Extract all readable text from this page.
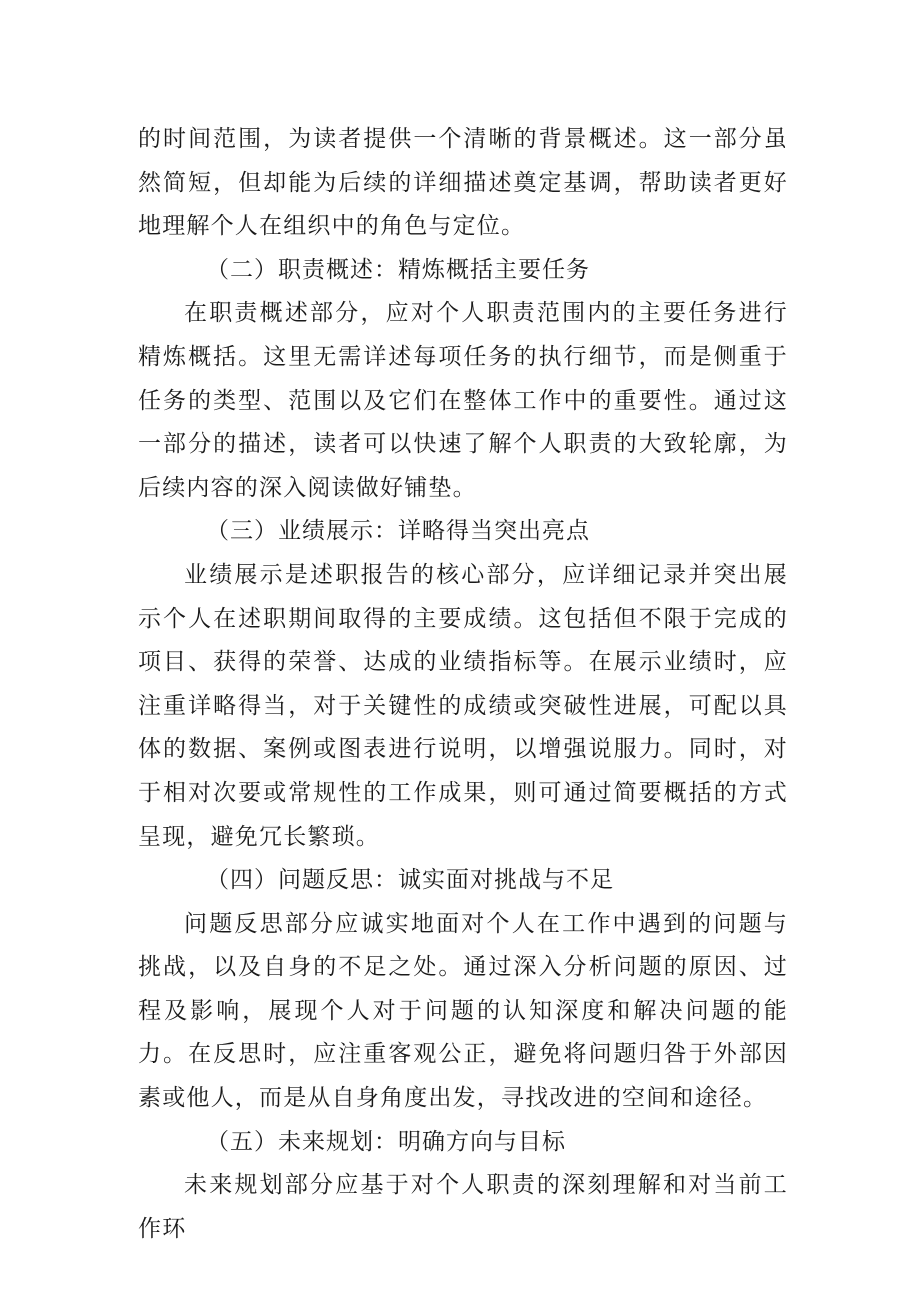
的时间范围，为读者提供一个清晰的背景概述。这一部分虽然简短，但却能为后续的详细描述奠定基调，帮助读者更好地理解个人在组织中的角色与定位。

（二）职责概述：精炼概括主要任务

在职责概述部分，应对个人职责范围内的主要任务进行精炼概括。这里无需详述每项任务的执行细节，而是侧重于任务的类型、范围以及它们在整体工作中的重要性。通过这一部分的描述，读者可以快速了解个人职责的大致轮廓，为后续内容的深入阅读做好铺垫。

（三）业绩展示：详略得当突出亮点

业绩展示是述职报告的核心部分，应详细记录并突出展示个人在述职期间取得的主要成绩。这包括但不限于完成的项目、获得的荣誉、达成的业绩指标等。在展示业绩时，应注重详略得当，对于关键性的成绩或突破性进展，可配以具体的数据、案例或图表进行说明，以增强说服力。同时，对于相对次要或常规性的工作成果，则可通过简要概括的方式呈现，避免冗长繁琐。

（四）问题反思：诚实面对挑战与不足

问题反思部分应诚实地面对个人在工作中遇到的问题与挑战，以及自身的不足之处。通过深入分析问题的原因、过程及影响，展现个人对于问题的认知深度和解决问题的能力。在反思时，应注重客观公正，避免将问题归咎于外部因素或他人，而是从自身角度出发，寻找改进的空间和途径。

（五）未来规划：明确方向与目标

未来规划部分应基于对个人职责的深刻理解和对当前工作环
